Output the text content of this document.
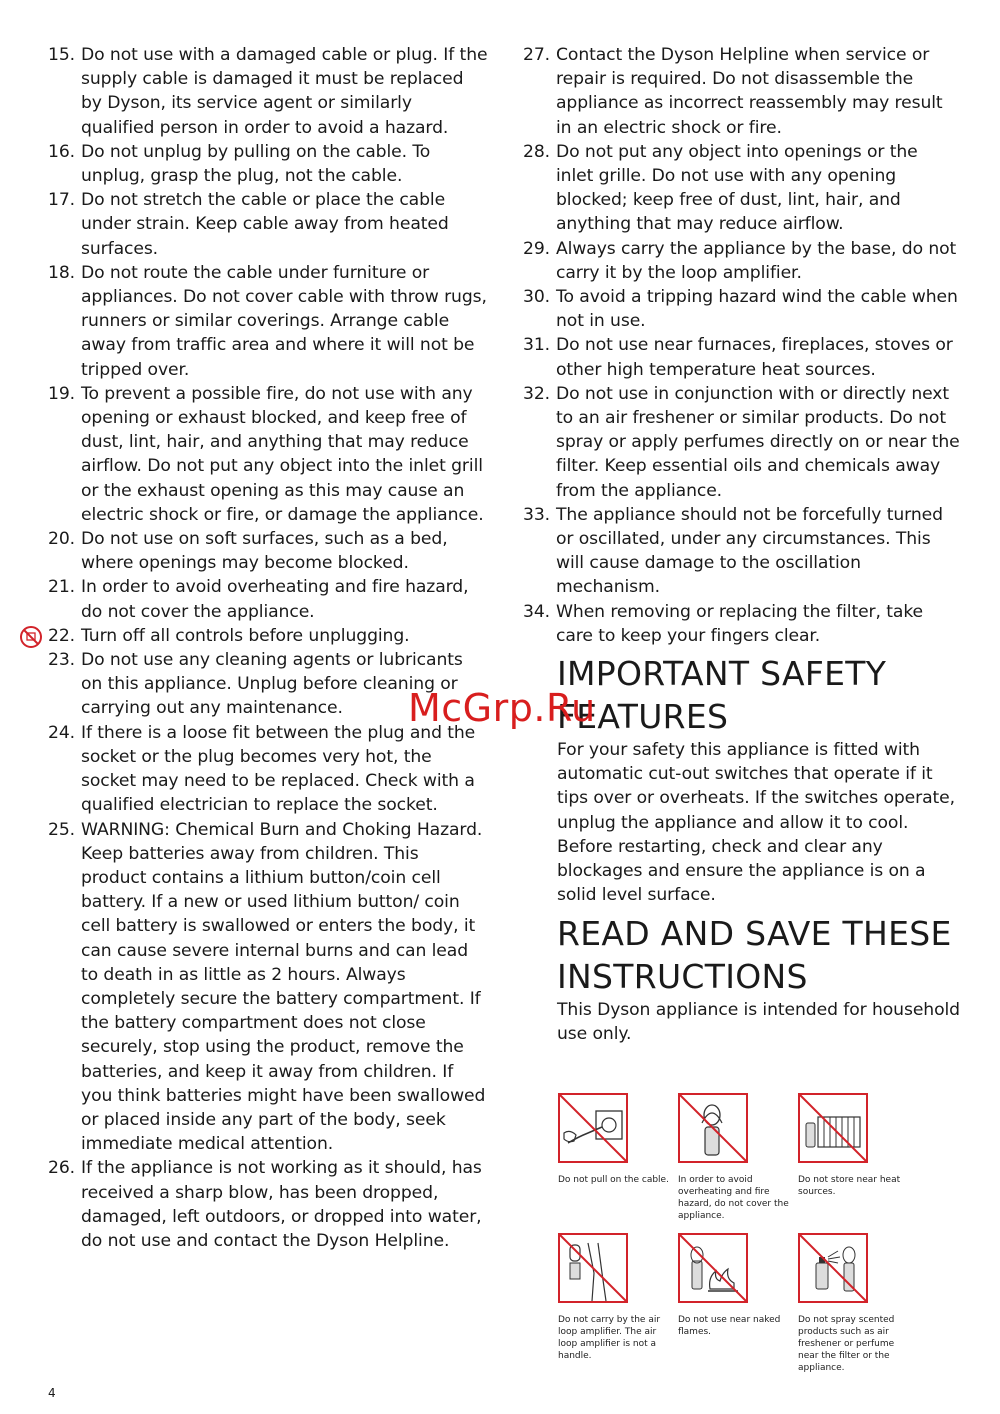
15. Do not use with a damaged cable or plug. If the supply cable is damaged it must be replaced by Dyson, its service agent or similarly qualified person in order to avoid a hazard.
16. Do not unplug by pulling on the cable. To unplug, grasp the plug, not the cable.
17. Do not stretch the cable or place the cable under strain. Keep cable away from heated surfaces.
18. Do not route the cable under furniture or appliances. Do not cover cable with throw rugs, runners or similar coverings. Arrange cable away from traffic area and where it will not be tripped over.
19. To prevent a possible fire, do not use with any opening or exhaust blocked, and keep free of dust, lint, hair, and anything that may reduce airflow. Do not put any object into the inlet grill or the exhaust opening as this may cause an electric shock or fire, or damage the appliance.
20. Do not use on soft surfaces, such as a bed, where openings may become blocked.
21. In order to avoid overheating and fire hazard, do not cover the appliance.
22. Turn off all controls before unplugging.
23. Do not use any cleaning agents or lubricants on this appliance. Unplug before cleaning or carrying out any maintenance.
24. If there is a loose fit between the plug and the socket or the plug becomes very hot, the socket may need to be replaced. Check with a qualified electrician to replace the socket.
25. WARNING: Chemical Burn and Choking Hazard. Keep batteries away from children. This product contains a lithium button/coin cell battery. If a new or used lithium button/ coin cell battery is swallowed or enters the body, it can cause severe internal burns and can lead to death in as little as 2 hours. Always completely secure the battery compartment. If the battery compartment does not close securely, stop using the product, remove the batteries, and keep it away from children. If you think batteries might have been swallowed or placed inside any part of the body, seek immediate medical attention.
26. If the appliance is not working as it should, has received a sharp blow, has been dropped, damaged, left outdoors, or dropped into water, do not use and contact the Dyson Helpline.
27. Contact the Dyson Helpline when service or repair is required. Do not disassemble the appliance as incorrect reassembly may result in an electric shock or fire.
28. Do not put any object into openings or the inlet grille. Do not use with any opening blocked; keep free of dust, lint, hair, and anything that may reduce airflow.
29. Always carry the appliance by the base, do not carry it by the loop amplifier.
30. To avoid a tripping hazard wind the cable when not in use.
31. Do not use near furnaces, fireplaces, stoves or other high temperature heat sources.
32. Do not use in conjunction with or directly next to an air freshener or similar products. Do not spray or apply perfumes directly on or near the filter. Keep essential oils and chemicals away from the appliance.
33. The appliance should not be forcefully turned or oscillated, under any circumstances. This will cause damage to the oscillation mechanism.
34. When removing or replacing the filter, take care to keep your fingers clear.
IMPORTANT SAFETY FEATURES

For your safety this appliance is fitted with automatic cut-out switches that operate if it tips over or overheats. If the switches operate, unplug the appliance and allow it to cool. Before restarting, check and clear any blockages and ensure the appliance is on a solid level surface.

READ AND SAVE THESE INSTRUCTIONS

This Dyson appliance is intended for household use only.

McGrp.Ru
Do not pull on the cable. In order to avoid overheating and fire hazard, do not cover the appliance.
Do not store near heat sources.
Do not carry by the air loop amplifier. The air loop amplifier is not a handle.
Do not use near naked flames.
Do not spray scented products such as air freshener or perfume near the filter or the appliance.
4
